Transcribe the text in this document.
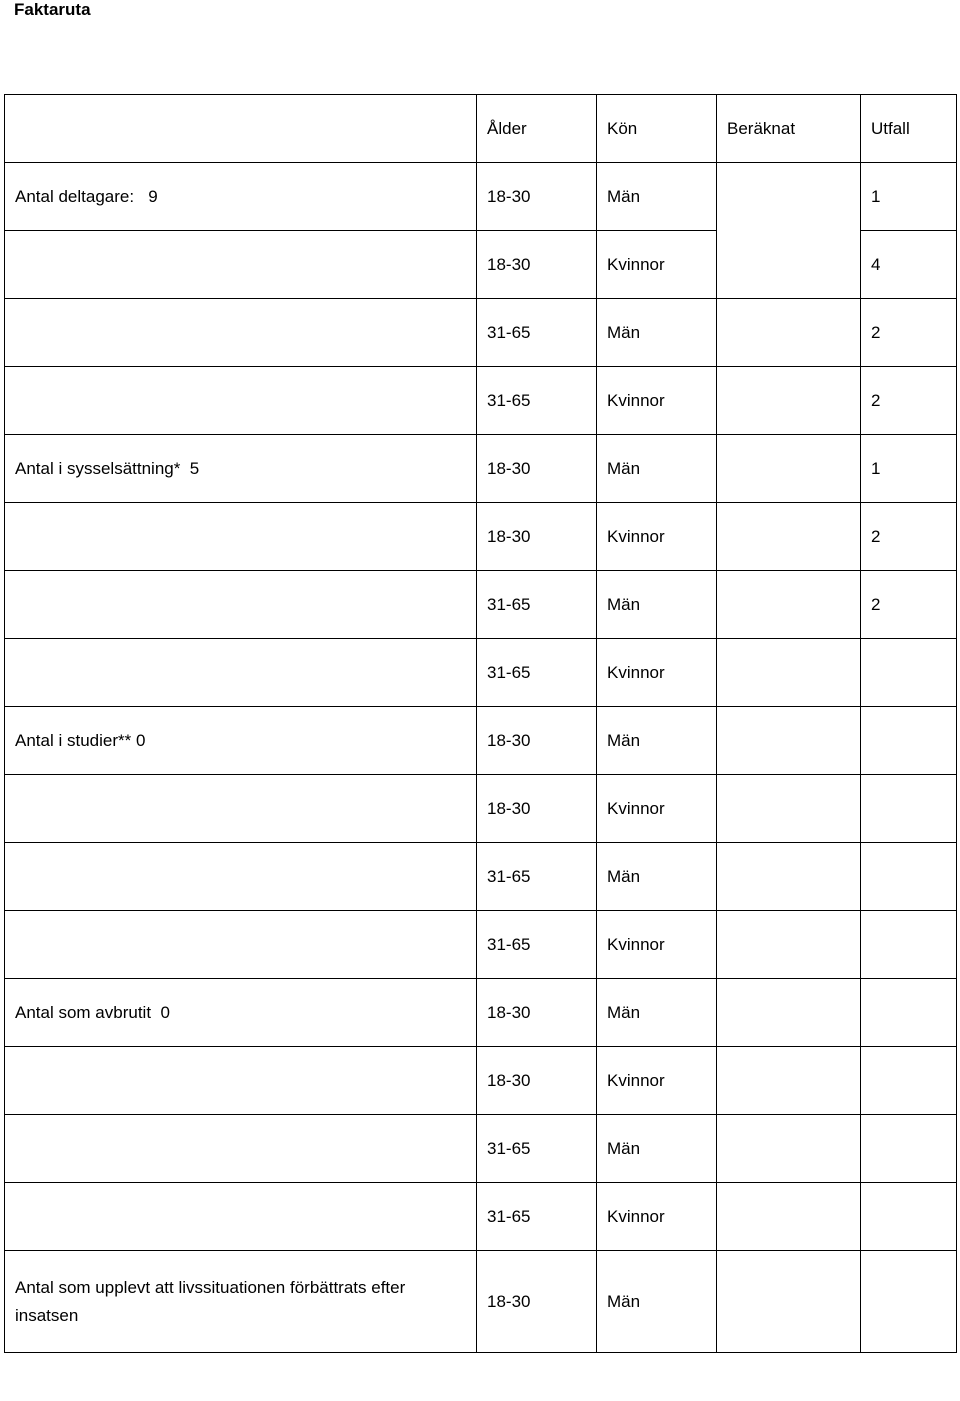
Faktaruta
	Ålder	Kön	Beräknat	Utfall
Antal deltagare:   9	18-30	Män		1
	18-30	Kvinnor		4
	31-65	Män		2
	31-65	Kvinnor		2
Antal i sysselsättning*  5	18-30	Män		1
	18-30	Kvinnor		2
	31-65	Män		2
	31-65	Kvinnor		
Antal i studier** 0	18-30	Män		
	18-30	Kvinnor		
	31-65	Män		
	31-65	Kvinnor		
Antal som avbrutit  0	18-30	Män		
	18-30	Kvinnor		
	31-65	Män		
	31-65	Kvinnor		
Antal som upplevt att livssituationen förbättrats efter insatsen	18-30	Män		
